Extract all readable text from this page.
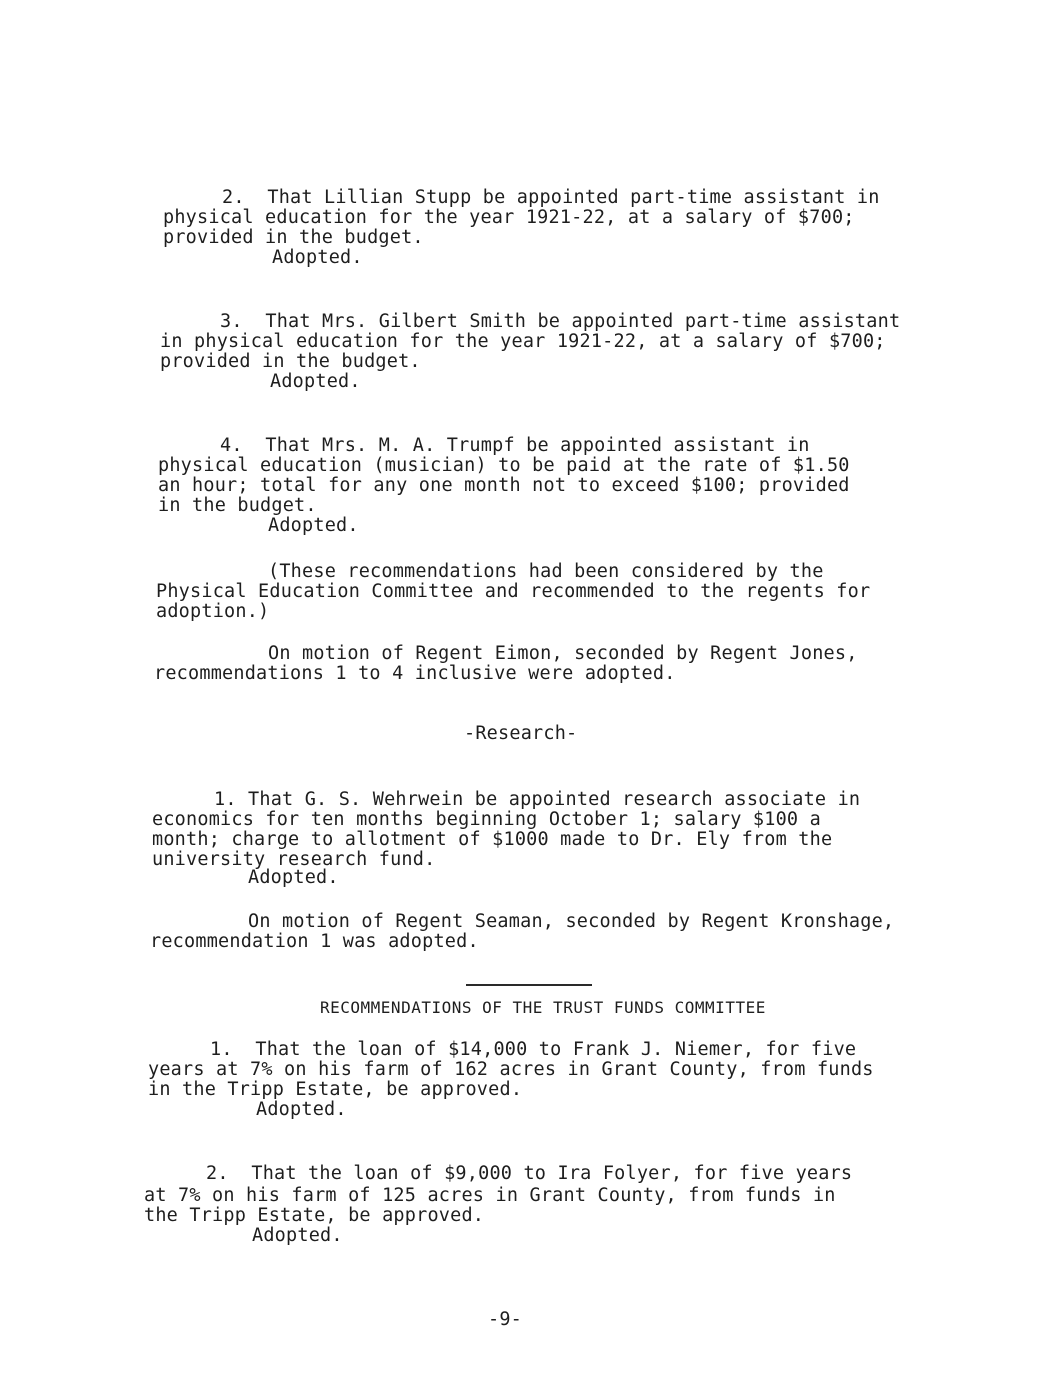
2.  That Lillian Stupp be appointed part-time assistant in
physical education for the year 1921-22, at a salary of $700;
provided in the budget.
Adopted.
3.  That Mrs. Gilbert Smith be appointed part-time assistant
in physical education for the year 1921-22, at a salary of $700;
provided in the budget.
Adopted.
4.  That Mrs. M. A. Trumpf be appointed assistant in
physical education (musician) to be paid at the rate of $1.50
an hour; total for any one month not to exceed $100; provided
in the budget.
Adopted.
(These recommendations had been considered by the
Physical Education Committee and recommended to the regents for
adoption.)
On motion of Regent Eimon, seconded by Regent Jones,
recommendations 1 to 4 inclusive were adopted.
-Research-
1. That G. S. Wehrwein be appointed research associate in
economics for ten months beginning October 1; salary $100 a
month; charge to allotment of $1000 made to Dr. Ely from the
university research fund.
Adopted.
On motion of Regent Seaman, seconded by Regent Kronshage,
recommendation 1 was adopted.
RECOMMENDATIONS OF THE TRUST FUNDS COMMITTEE
1.  That the loan of $14,000 to Frank J. Niemer, for five
years at 7% on his farm of 162 acres in Grant County, from funds
in the Tripp Estate, be approved.
Adopted.
2.  That the loan of $9,000 to Ira Folyer, for five years
at 7% on his farm of 125 acres in Grant County, from funds in
the Tripp Estate, be approved.
Adopted.
-9-
